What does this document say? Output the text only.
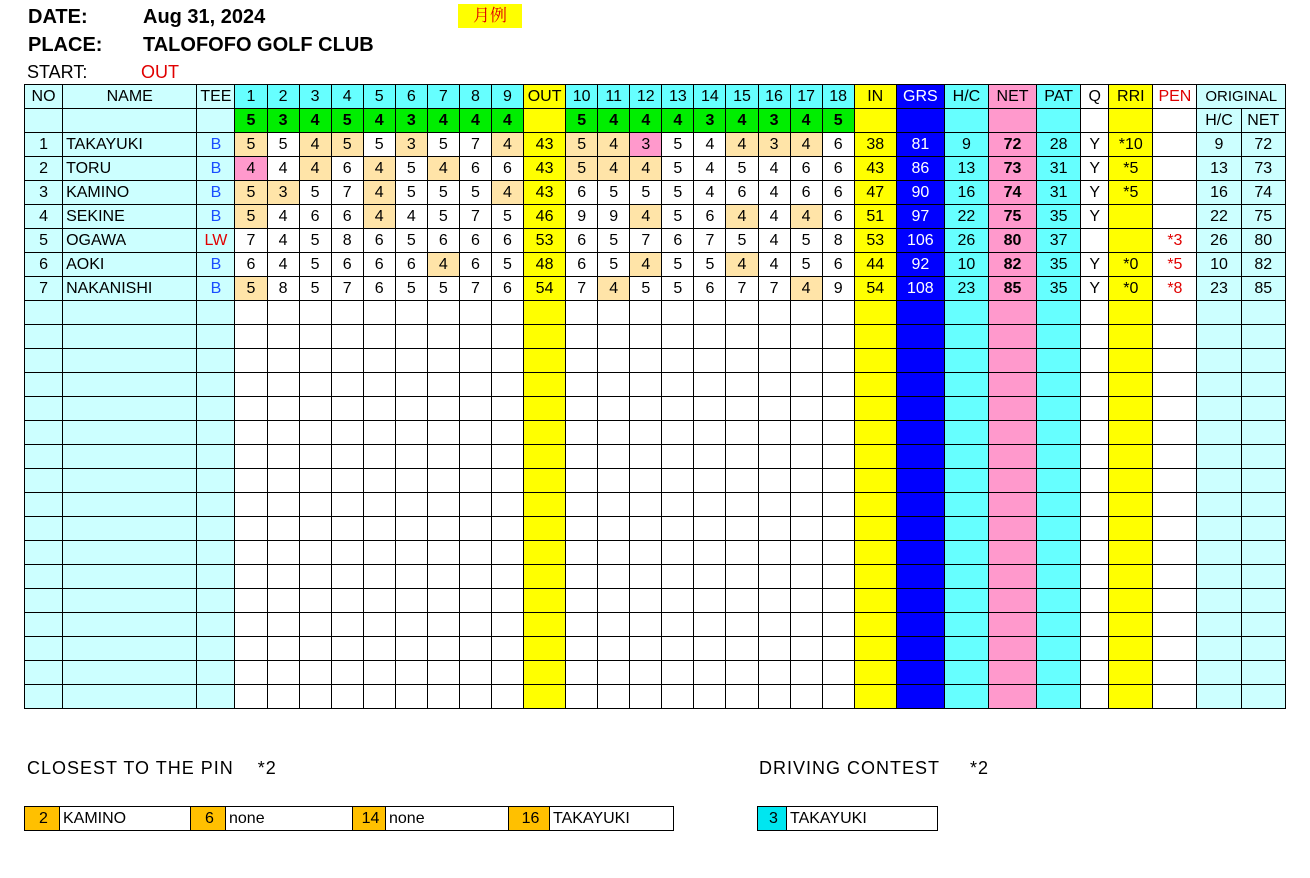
DATE:	Aug 31, 2024	月例
PLACE: TALOFOFO GOLF CLUB
START:	OUT
NO	NAME	TEE	1	2	3	4	5	6	7	8	9	OUT	10	11	12	13	14	15	16	17	18	IN	GRS	H/C	NET	PAT	Q	RRI	PEN	ORIGINAL	
			5	3	4	5	4	3	4	4	4		5	4	4	4	3	4	3	4	5									H/C	NET
1	TAKAYUKI	B	5	5	4	5	5	3	5	7	4	43	5	4	3	5	4	4	3	4	6	38	81	9	72	28	Y	*10		9	72
2	TORU	B	4	4	4	6	4	5	4	6	6	43	5	4	4	5	4	5	4	6	6	43	86	13	73	31	Y	*5		13	73
3	KAMINO	B	5	3	5	7	4	5	5	5	4	43	6	5	5	5	4	6	4	6	6	47	90	16	74	31	Y	*5		16	74
4	SEKINE	B	5	4	6	6	4	4	5	7	5	46	9	9	4	5	6	4	4	4	6	51	97	22	75	35	Y			22	75
5	OGAWA	LW	7	4	5	8	6	5	6	6	6	53	6	5	7	6	7	5	4	5	8	53	106	26	80	37			*3	26	80
6	AOKI	B	6	4	5	6	6	6	4	6	5	48	6	5	4	5	5	4	4	5	6	44	92	10	82	35	Y	*0	*5	10	82
7	NAKANISHI	B	5	8	5	7	6	5	5	7	6	54	7	4	5	5	6	7	7	4	9	54	108	23	85	35	Y	*0	*8	23	85

CLOSEST TO THE PIN *2
2	KAMINO	6	none	14	none	16	TAKAYUKI
DRIVING CONTEST *2
3	TAKAYUKI
